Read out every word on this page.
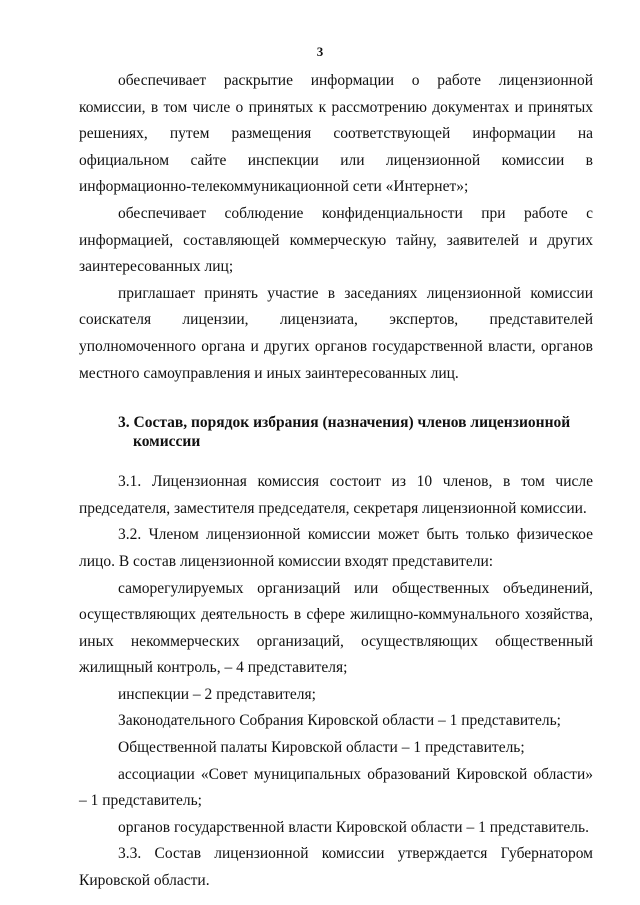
3

обеспечивает раскрытие информации о работе лицензионной комиссии, в том числе о принятых к рассмотрению документах и принятых решениях, путем размещения соответствующей информации на официальном сайте инспекции или лицензионной комиссии в информационно-телекоммуникационной сети «Интернет»;

обеспечивает соблюдение конфиденциальности при работе с информацией, составляющей коммерческую тайну, заявителей и других заинтересованных лиц;

приглашает принять участие в заседаниях лицензионной комиссии соискателя лицензии, лицензиата, экспертов, представителей уполномоченного органа и других органов государственной власти, органов местного самоуправления и иных заинтересованных лиц.

3. Состав, порядок избрания (назначения) членов лицензионной
комиссии

3.1. Лицензионная комиссия состоит из 10 членов, в том числе председателя, заместителя председателя, секретаря лицензионной комиссии.

3.2. Членом лицензионной комиссии может быть только физическое лицо. В состав лицензионной комиссии входят представители:

саморегулируемых организаций или общественных объединений, осуществляющих деятельность в сфере жилищно-коммунального хозяйства, иных некоммерческих организаций, осуществляющих общественный жилищный контроль, – 4 представителя;

инспекции – 2 представителя;

Законодательного Собрания Кировской области – 1 представитель;

Общественной палаты Кировской области – 1 представитель;

ассоциации «Совет муниципальных образований Кировской области» – 1 представитель;

органов государственной власти Кировской области – 1 представитель.

3.3. Состав лицензионной комиссии утверждается Губернатором Кировской области.
